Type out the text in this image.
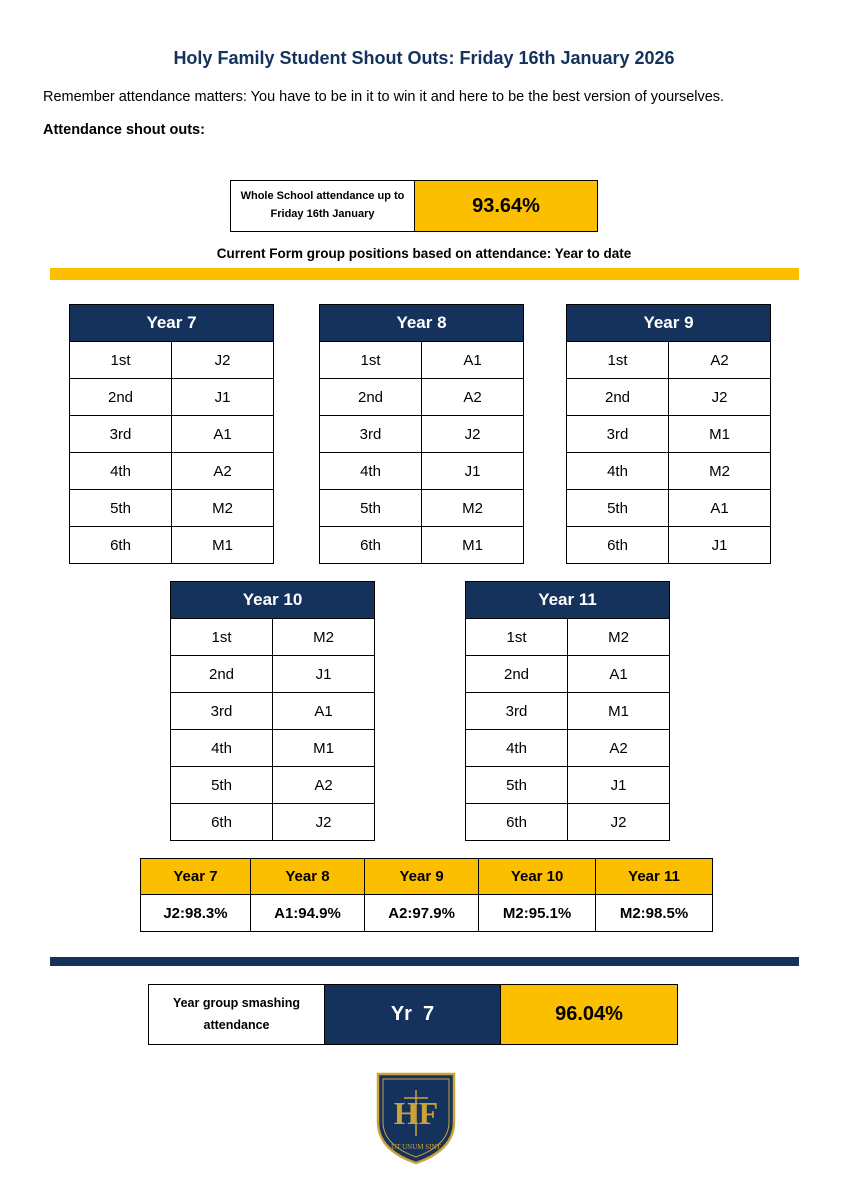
Holy Family Student Shout Outs: Friday 16th January 2026
Remember attendance matters: You have to be in it to win it and here to be the best version of yourselves.
Attendance shout outs:
Whole School attendance up to Friday 16th January	93.64%
Current Form group positions based on attendance: Year to date
Year 7	
1st	J2
2nd	J1
3rd	A1
4th	A2
5th	M2
6th	M1
Year 8	
1st	A1
2nd	A2
3rd	J2
4th	J1
5th	M2
6th	M1
Year 9	
1st	A2
2nd	J2
3rd	M1
4th	M2
5th	A1
6th	J1
Year 10	
1st	M2
2nd	J1
3rd	A1
4th	M1
5th	A2
6th	J2
Year 11	
1st	M2
2nd	A1
3rd	M1
4th	A2
5th	J1
6th	J2
Year 7	Year 8	Year 9	Year 10	Year 11
J2:98.3%	A1:94.9%	A2:97.9%	M2:95.1%	M2:98.5%
Year group smashing attendance	Yr  7	96.04%
HF
UT UNUM SINT
